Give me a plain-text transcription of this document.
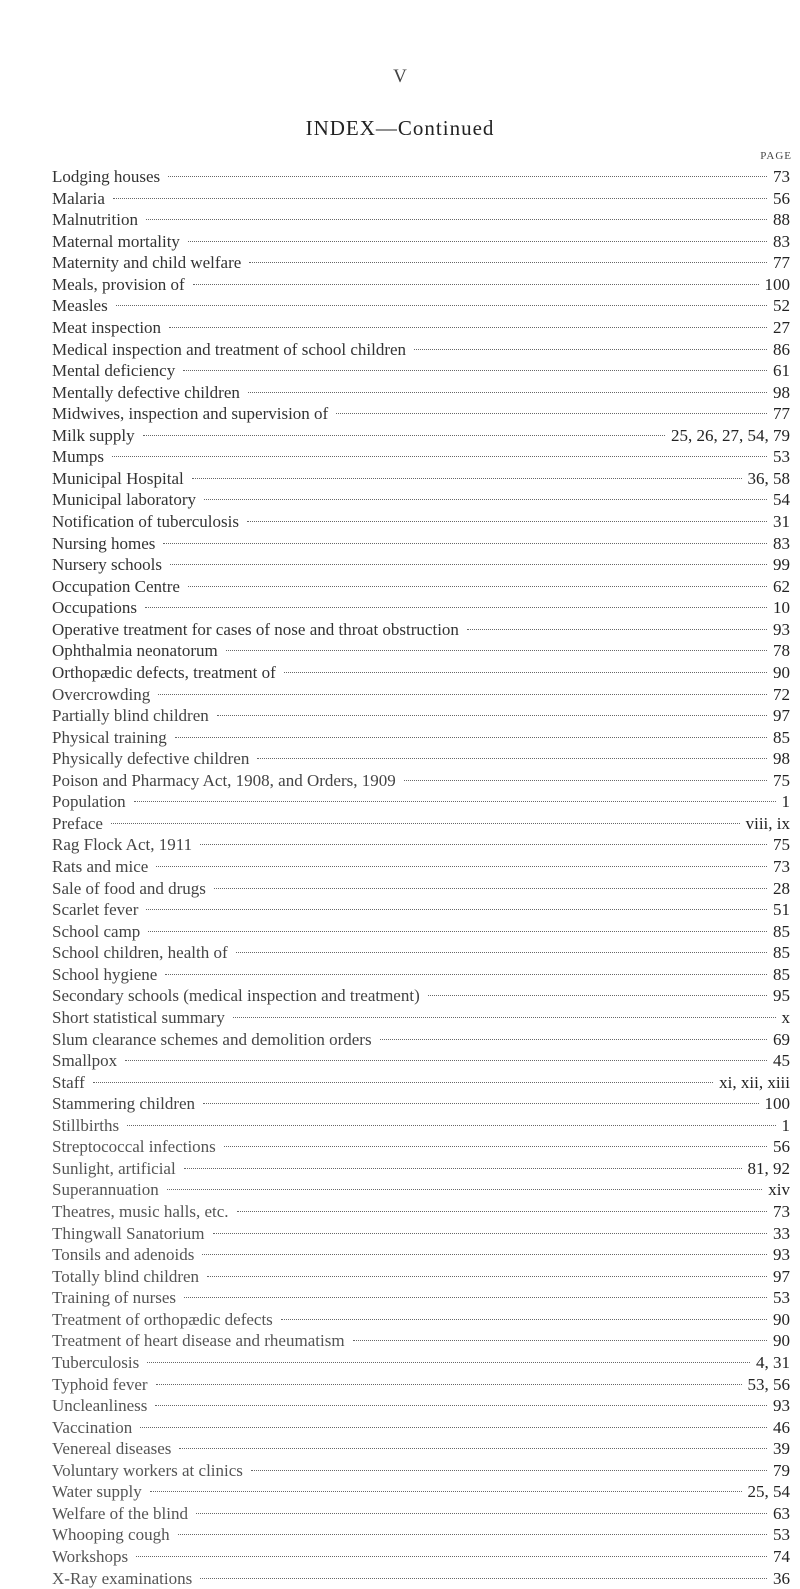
V
INDEX—Continued
PAGE
Lodging houses	73
Malaria	56
Malnutrition	88
Maternal mortality	83
Maternity and child welfare	77
Meals, provision of	100
Measles	52
Meat inspection	27
Medical inspection and treatment of school children	86
Mental deficiency	61
Mentally defective children	98
Midwives, inspection and supervision of	77
Milk supply	25, 26, 27, 54, 79
Mumps	53
Municipal Hospital	36, 58
Municipal laboratory	54
Notification of tuberculosis	31
Nursing homes	83
Nursery schools	99
Occupation Centre	62
Occupations	10
Operative treatment for cases of nose and throat obstruction	93
Ophthalmia neonatorum	78
Orthopædic defects, treatment of	90
Overcrowding	72
Partially blind children	97
Physical training	85
Physically defective children	98
Poison and Pharmacy Act, 1908, and Orders, 1909	75
Population	1
Preface	viii, ix
Rag Flock Act, 1911	75
Rats and mice	73
Sale of food and drugs	28
Scarlet fever	51
School camp	85
School children, health of	85
School hygiene	85
Secondary schools (medical inspection and treatment)	95
Short statistical summary	x
Slum clearance schemes and demolition orders	69
Smallpox	45
Staff	xi, xii, xiii
Stammering children	100
Stillbirths	1
Streptococcal infections	56
Sunlight, artificial	81, 92
Superannuation	xiv
Theatres, music halls, etc.	73
Thingwall Sanatorium	33
Tonsils and adenoids	93
Totally blind children	97
Training of nurses	53
Treatment of orthopædic defects	90
Treatment of heart disease and rheumatism	90
Tuberculosis	4, 31
Typhoid fever	53, 56
Uncleanliness	93
Vaccination	46
Venereal diseases	39
Voluntary workers at clinics	79
Water supply	25, 54
Welfare of the blind	63
Whooping cough	53
Workshops	74
X-Ray examinations	36
